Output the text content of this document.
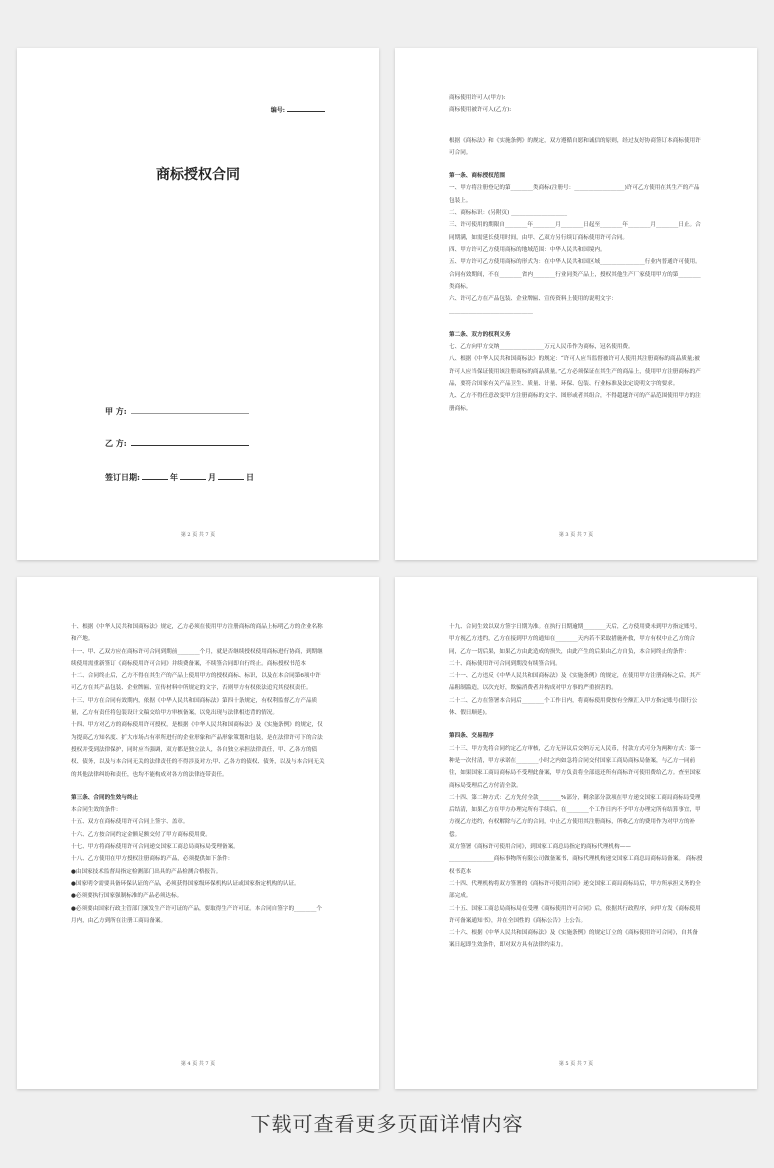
编号:
商标授权合同
甲 方:
乙 方:
签订日期:	年	月	日
第 2 页 共 7 页

商标使用许可人(甲方):

商标使用被许可人(乙方):

根据《商标法》和《实施条例》的规定，双方遵循自愿和诚信的原则，经过友好协商签订本商标使用许可合同。

第一条、商标授权范围

一、甲方将注册登记的第________类商标(注册号：__________________)许可乙方使用在其生产的产品包装上。

二、商标标识：(另附页) ____________________

三、许可使用的期限自________年________月________日起至________年________月________日止。合同期满，如需延长使用时间，由甲、乙双方另行续订商标使用许可合同。

四、甲方许可乙方使用商标的地域范围：中华人民共和国境内。

五、甲方许可乙方使用商标的形式为：在中华人民共和国区域________________行业内普通许可使用。合同有效期间，不在________省内________行业同类产品上，授权其他生产厂家使用甲方的第________类商标。

六、许可乙方在产品包装、企业牌匾、宣传资料上使用的说明文字：

______________________________

第二条、双方的权利义务

七、乙方向甲方交纳________________万元人民币作为商标，冠名使用费。

八、根据《中华人民共和国商标法》的规定：“许可人应当监督被许可人使用其注册商标的商品质量;被许可人应当保证使用该注册商标的商品质量。”乙方必须保证在其生产的商品上，使用甲方注册商标的产品，要符合国家有关产品卫生、质量、计量、环保、包装、行业标准及法定说明文字的要求。

九、乙方不得任意改变甲方注册商标的文字、图形或者其组合，不得超越许可的产品范围使用甲方的注册商标。

第 3 页 共 7 页

十、根据《中华人民共和国商标法》规定，乙方必须在使用甲方注册商标的商品上标明乙方的企业名称和产地。

十一、甲、乙双方应在商标许可合同到期前________个月，就是否继续授权使用商标进行协商，到期继续使用需重新签订《商标使用许可合同》并续费备案，不续签合同即自行终止。商标授权书范本

十二、合同终止后，乙方不得在其生产的产品上使用甲方的授权商标、标识，以及在本合同第6项中许可乙方在其产品包装、企业牌匾、宣传材料中所规定的文字，否则甲方有权依法追究其侵权责任。

十三、甲方在合同有效期内，依据《中华人民共和国商标法》第四十条规定，有权利监督乙方产品质量，乙方有责任将包装设计文稿交给甲方审核备案，以免出现与法律相违背的情况。

十四、甲方对乙方的商标使用许可授权，是根据《中华人民共和国商标法》及《实施条例》的规定，仅为提高乙方知名度、扩大市场占有率所进行的企业形象和产品形象策划和包装，是在法律许可下的合法授权并受到法律保护，同时应当强调，双方都是独立法人，各自独立承担法律责任，甲、乙各方的债权、债务，以及与本合同无关的法律责任的不得涉及对方;甲、乙各方的债权、债务，以及与本合同无关的其他法律纠纷和责任，也均不能构成对各方的法律连带责任。

第三条、合同的生效与终止

本合同生效的条件：

十五、双方在商标使用许可合同上签字、盖章。

十六、乙方按合同约定金额足额交付了甲方商标使用费。

十七、甲方将商标使用许可合同递交国家工商总局商标局受理备案。

十八、乙方使用在甲方授权注册商标的产品，必须提供如下条件：

●由国家技术监督局指定检测部门出具的产品检测合格报告。

●国家明令需要具备环保认证的产品，必须获得国家级环保机构认证或国家指定机构的认证。

●必须要执行国家强制标准的产品必须达标。

●必须要由国家行政主管部门颁发生产许可证的产品，要取得生产许可证。本合同自签字的________个月内，由乙方到所在注册工商局备案。

第 4 页 共 7 页

十九、合同生效以双方签字日期为准。在执行日期逾期________天后，乙方使用费未到甲方指定账号，甲方视乙方违约，乙方在接到甲方的通知在________天内若不采取措施补救，甲方有权中止乙方的合同，乙方一切后果，如果乙方由此造成的损失，由此产生的后果由乙方自负，本合同终止的条件：

二十、商标使用许可合同到期没有续签合同。

二十一、乙方违反《中华人民共和国商标法》及《实施条例》的规定，在使用甲方注册商标之后，其产品粗制滥造，以次充好，欺骗消费者并构成对甲方事的严重损害的。

二十二、乙方在签署本合同后________个工作日内，将商标使用费按有全额汇入甲方指定账号(银行公休、假日顺延)。

第四条、交易程序

二十三、甲方先将合同约定乙方审核，乙方无异议后交纳万元人民币，付款方式可分为两种方式：第一种是一次付清，甲方承诺在________小时之内如急将合同交付国家工商局商标局备案，与乙方一同前往，如果国家工商局商标局不受理此备案，甲方负责将全部退还所有商标许可使用费给乙方。查至国家商标局受理后乙方付清全款。

二十四、第二种方式：乙方先付全款________%部分，剩余部分款项在甲方递交国家工商局商标局受理后结清，如果乙方在甲方办理完所有手续后，在________个工作日内不予甲方办理完所有结算事宜，甲方视乙方违约，有权解除与乙方的合同，中止乙方使用其注册商标，所收乙方的费用作为对甲方的补偿。

双方签署《商标许可使用合同》，到国家工商总局指定的商标代理机构——

________________商标事物所有限公司做备案书，商标代理机构递交国家工商总局商标局备案。 商标授权书范本

二十四、代理机构将双方签署的《商标许可使用合同》递交国家工商局商标局后，甲方所承担义务的全部完成。

二十五、国家工商总局商标局在受理《商标使用许可合同》后，依据其行政程序，向甲方发《商标使用许可备案通知书》，并在全国性的《商标公告》上公告。

二十六、根据《中华人民共和国商标法》及《实施条例》的规定订立的《商标使用许可合同》，自其备案日起即生效条件，即对双方具有法律约束力。

第 5 页 共 7 页
下载可查看更多页面详情内容
